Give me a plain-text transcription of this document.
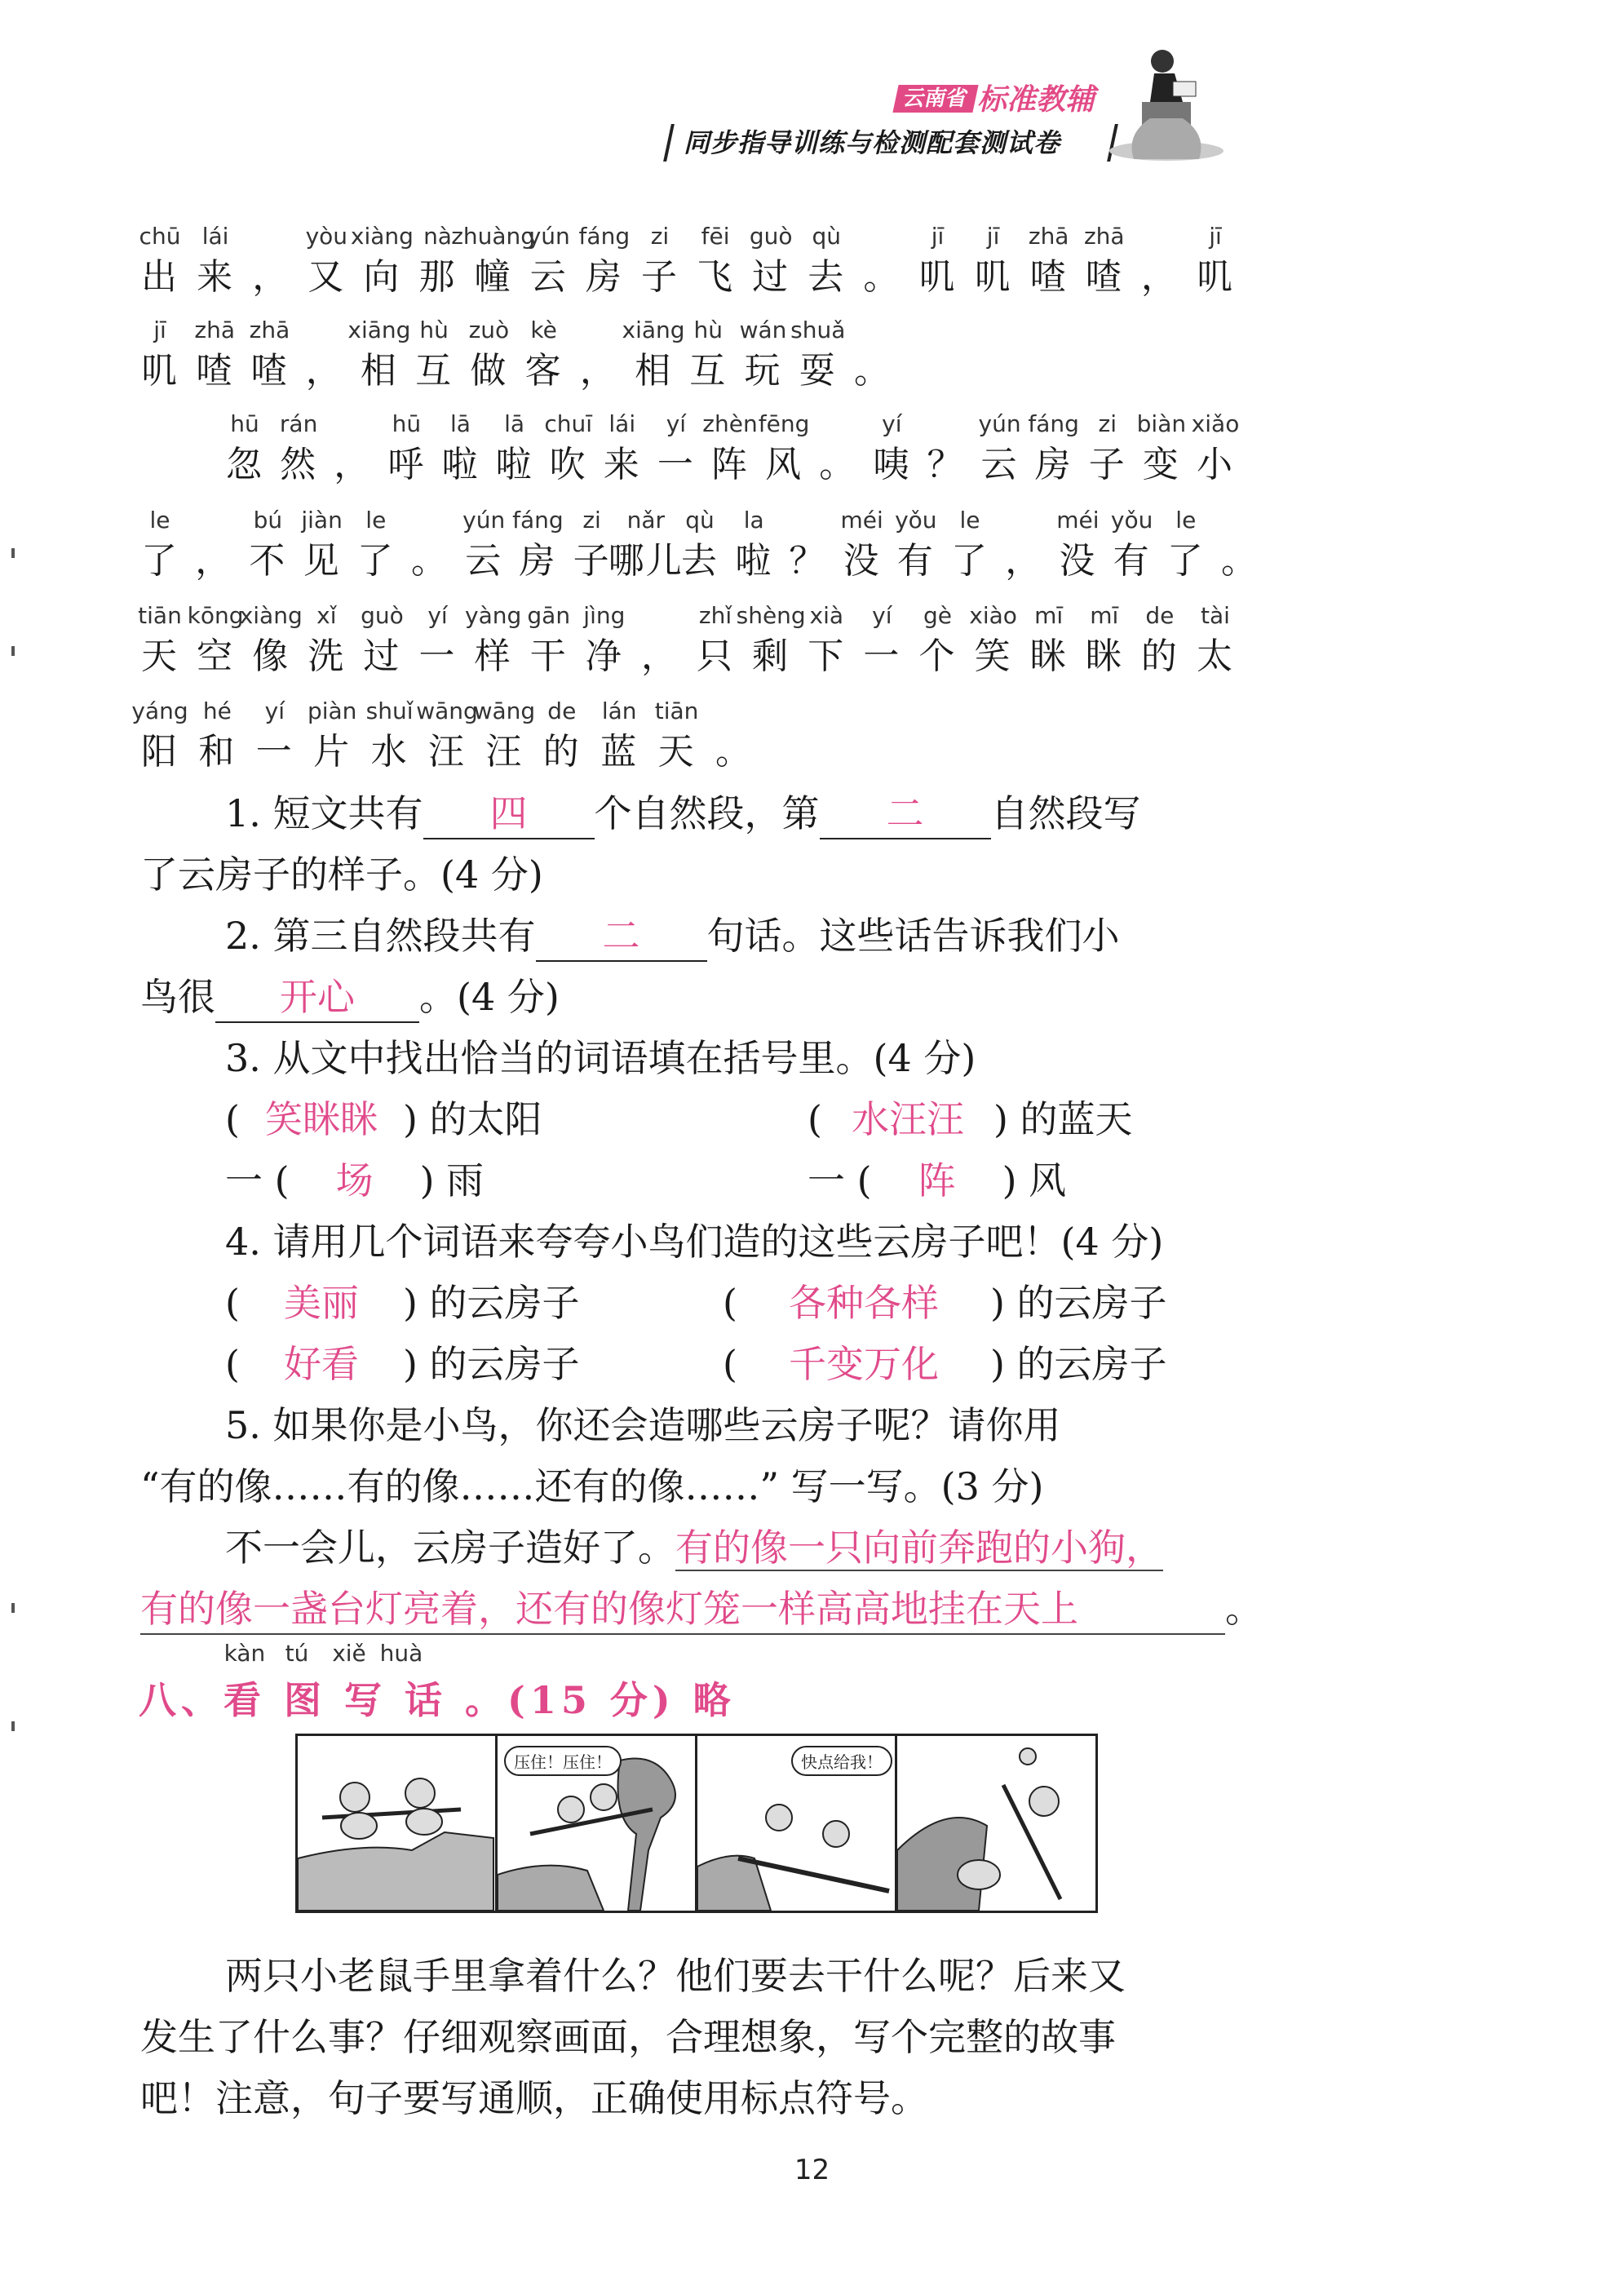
云南省 标准教辅
同步指导训练与检测配套测试卷
chū
出
lái
来 ，
yòu
又
xiàng
向
nà
那
zhuàng
幢
yún
云
fáng
房
zi
子
fēi
飞
guò
过
qù
去 。
jī
叽
jī
叽
zhā
喳
zhā
喳 ，
jī
叽
jī
叽
zhā
喳
zhā
喳 ，
xiāng
相
hù
互
zuò
做
kè
客 ，
xiāng
相
hù
互
wán
玩
shuǎ
耍 。
hū
忽
rán
然 ，
hū
呼
lā
啦
lā
啦
chuī
吹
lái
来
yí
一
zhèn
阵
fēng
风 。
yí
咦 ？
yún
云
fáng
房
zi
子
biàn
变
xiǎo
小
le
了 ，
bú
不
jiàn
见
le
了 。
yún
云
fáng
房
zi
子
nǎr
哪儿
qù
去
la
啦 ？
méi
没
yǒu
有
le
了 ，
méi
没
yǒu
有
le
了 。
tiān
天
kōng
空
xiàng
像
xǐ
洗
guò
过
yí
一
yàng
样
gān
干
jìng
净 ，
zhǐ
只
shèng
剩
xià
下
yí
一
gè
个
xiào
笑
mī
眯
mī
眯
de
的
tài
太
yáng
阳
hé
和
yí
一
piàn
片
shuǐ
水
wāng
汪
wāng
汪
de
的
lán
蓝
tiān
天 。
1. 短文共有 四 个自然段，第 二 自然段写
了云房子的样子。(4 分)
2. 第三自然段共有 二 句话。这些话告诉我们小
鸟很 开心 。(4 分)
3. 从文中找出恰当的词语填在括号里。(4 分)
( 笑眯眯 ) 的太阳	( 水汪汪 ) 的蓝天
一 ( 场 ) 雨	一 ( 阵 ) 风
4. 请用几个词语来夸夸小鸟们造的这些云房子吧！(4 分)
( 美丽 ) 的云房子	( 各种各样 ) 的云房子
( 好看 ) 的云房子	( 千变万化 ) 的云房子
5. 如果你是小鸟，你还会造哪些云房子呢？请你用
“有的像……有的像……还有的像……” 写一写。(3 分)
不一会儿，云房子造好了。有的像一只向前奔跑的小狗，
有的像一盏台灯亮着，还有的像灯笼一样高高地挂在天上	。
kàn tú xiě huà
八、看 图 写 话 。(15 分) 略
压住！压住！	快点给我！
两只小老鼠手里拿着什么？他们要去干什么呢？后来又
发生了什么事？仔细观察画面，合理想象，写个完整的故事
吧！注意，句子要写通顺，正确使用标点符号。
12
